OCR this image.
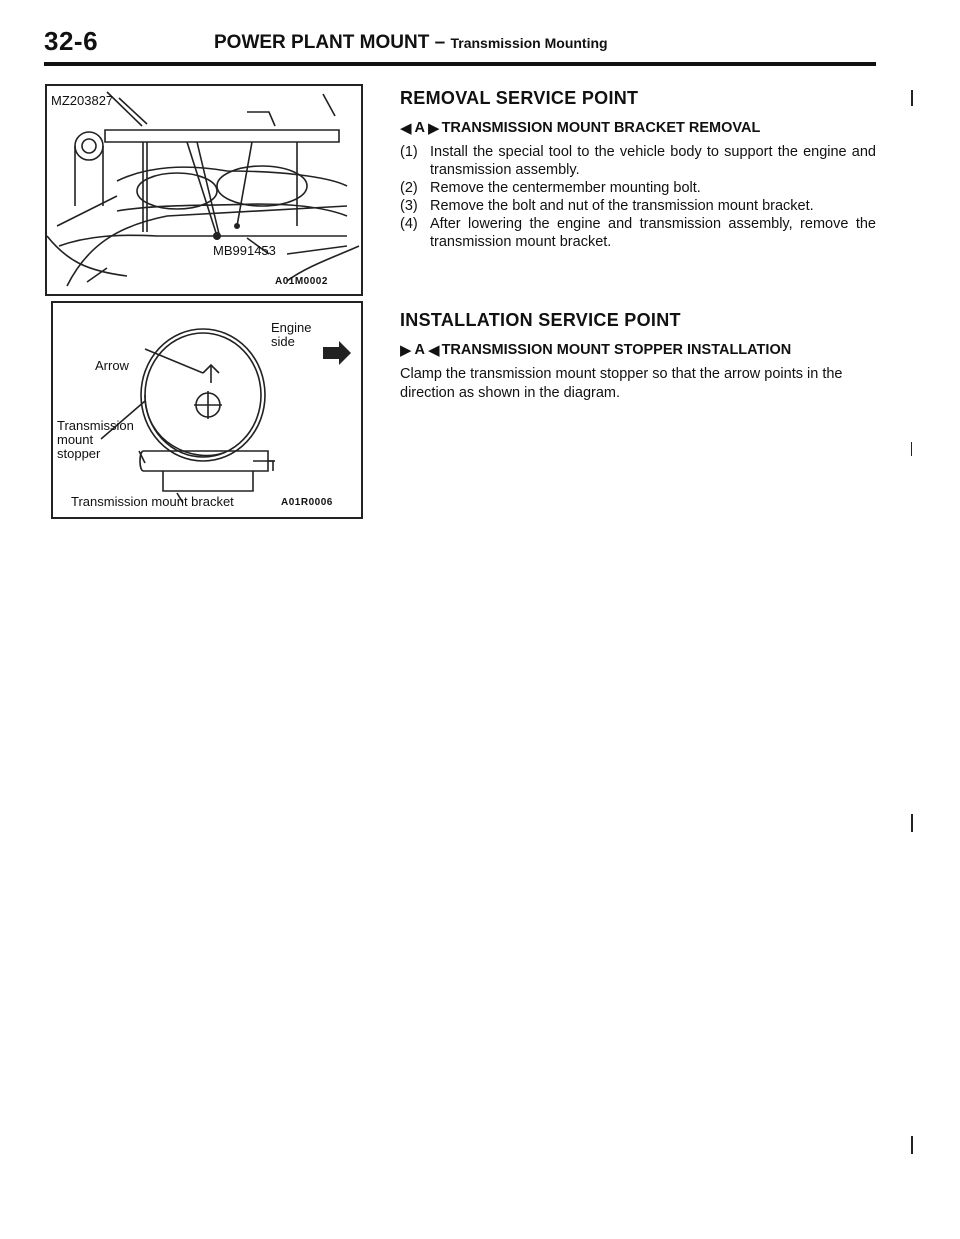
32-6	POWER PLANT MOUNT – Transmission Mounting
MZ203827
MB991453
A01M0002
Engine
side
Arrow
Transmission
mount
stopper
Transmission mount bracket	A01R0006
REMOVAL SERVICE POINT
◀ A ▶ TRANSMISSION MOUNT BRACKET REMOVAL
(1) Install the special tool to the vehicle body to support the engine and transmission assembly.
(2) Remove the centermember mounting bolt.
(3) Remove the bolt and nut of the transmission mount bracket.
(4) After lowering the engine and transmission assembly, remove the transmission mount bracket.
INSTALLATION SERVICE POINT
▶ A ◀ TRANSMISSION MOUNT STOPPER INSTALLATION

Clamp the transmission mount stopper so that the arrow points in the direction as shown in the diagram.
